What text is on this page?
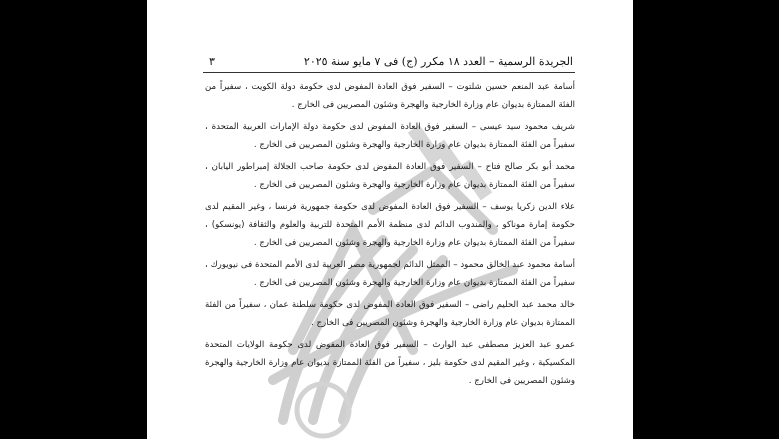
الجريدة الرسمية – العدد ١٨ مكرر (ج) فى ٧ مايو سنة ٢٠٢٥
٣

أسامة عبد المنعم حسين شلتوت – السفير فوق العادة المفوض لدى حكومة دولة الكويت ، سفيراً من الفئة الممتازة بديوان عام وزارة الخارجية والهجرة وشئون المصريين فى الخارج .

شريف محمود سيد عيسى – السفير فوق العادة المفوض لدى حكومة دولة الإمارات العربية المتحدة ، سفيراً من الفئة الممتازة بديوان عام وزارة الخارجية والهجرة وشئون المصريين فى الخارج .

محمد أبو بكر صالح فتاح – السفير فوق العادة المفوض لدى حكومة صاحب الجلالة إمبراطور اليابان ، سفيراً من الفئة الممتازة بديوان عام وزارة الخارجية والهجرة وشئون المصريين فى الخارج .

علاء الدين زكريا يوسف – السفير فوق العادة المفوض لدى حكومة جمهورية فرنسا ، وغير المقيم لدى حكومة إمارة موناكو ، والمندوب الدائم لدى منظمة الأمم المتحدة للتربية والعلوم والثقافة (يونسكو) ، سفيراً من الفئة الممتازة بديوان عام وزارة الخارجية والهجرة وشئون المصريين فى الخارج .

أسامة محمود عبد الخالق محمود – الممثل الدائم لجمهورية مصر العربية لدى الأمم المتحدة فى نيويورك ، سفيراً من الفئة الممتازة بديوان عام وزارة الخارجية والهجرة وشئون المصريين فى الخارج .

خالد محمد عبد الحليم راضى – السفير فوق العادة المفوض لدى حكومة سلطنة عمان ، سفيراً من الفئة الممتازة بديوان عام وزارة الخارجية والهجرة وشئون المصريين فى الخارج .

عمرو عبد العزيز مصطفى عبد الوارث – السفير فوق العادة المفوض لدى حكومة الولايات المتحدة المكسيكية ، وغير المقيم لدى حكومة بليز ، سفيراً من الفئة الممتازة بديوان عام وزارة الخارجية والهجرة وشئون المصريين فى الخارج .
